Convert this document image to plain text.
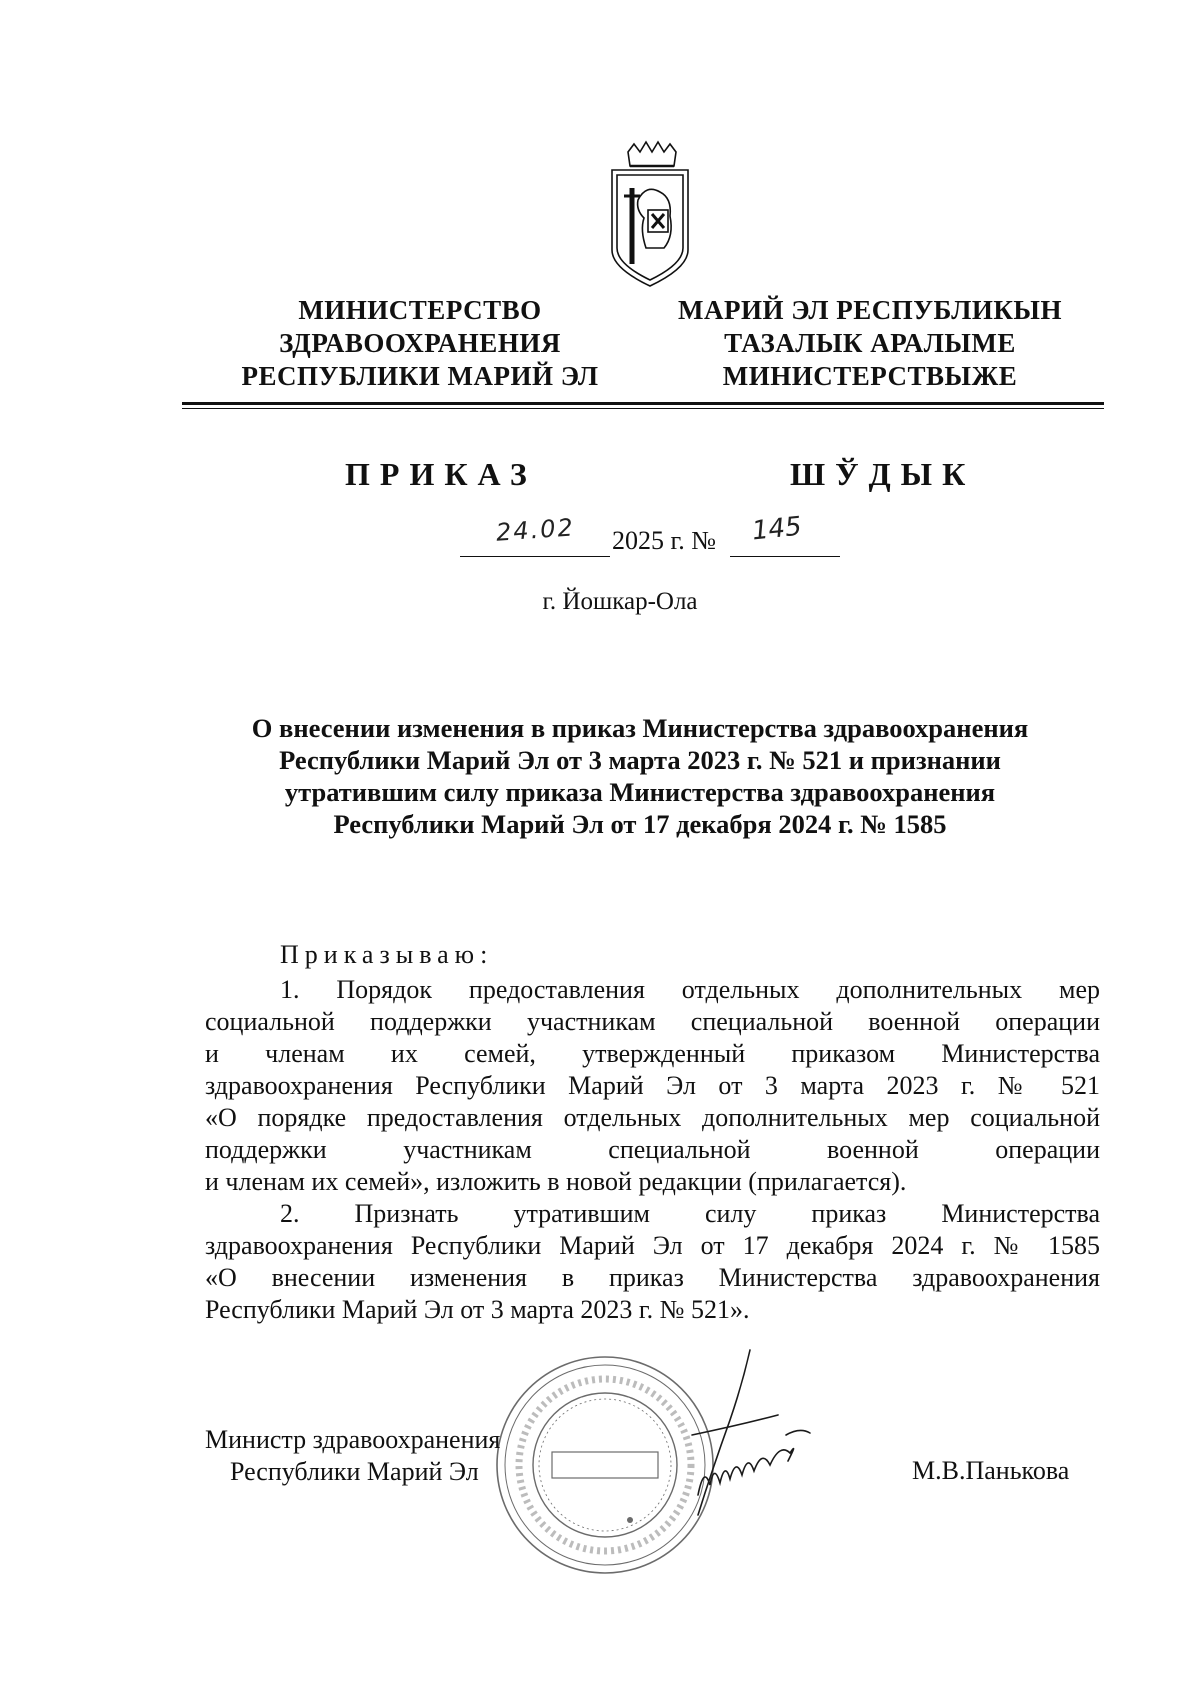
МИНИСТЕРСТВО
ЗДРАВООХРАНЕНИЯ
РЕСПУБЛИКИ МАРИЙ ЭЛ
МАРИЙ ЭЛ РЕСПУБЛИКЫН
ТАЗАЛЫК АРАЛЫМЕ
МИНИСТЕРСТВЫЖЕ
ПРИКАЗ	ШЎДЫК
24.02 2025 г. № 145
г. Йошкар-Ола
О внесении изменения в приказ Министерства здравоохранения
Республики Марий Эл от 3 марта 2023 г. № 521 и признании
утратившим силу приказа Министерства здравоохранения
Республики Марий Эл от 17 декабря 2024 г. № 1585
Приказываю:
1. Порядок предоставления отдельных дополнительных мер
социальной поддержки участникам специальной военной операции
и членам их семей, утвержденный приказом Министерства
здравоохранения Республики Марий Эл от 3 марта 2023 г. № 521
«О порядке предоставления отдельных дополнительных мер социальной
поддержки участникам специальной военной операции
и членам их семей», изложить в новой редакции (прилагается).
2. Признать утратившим силу приказ Министерства
здравоохранения Республики Марий Эл от 17 декабря 2024 г. № 1585
«О внесении изменения в приказ Министерства здравоохранения
Республики Марий Эл от 3 марта 2023 г. № 521».
Министр здравоохранения
Республики Марий Эл	М.В.Панькова
